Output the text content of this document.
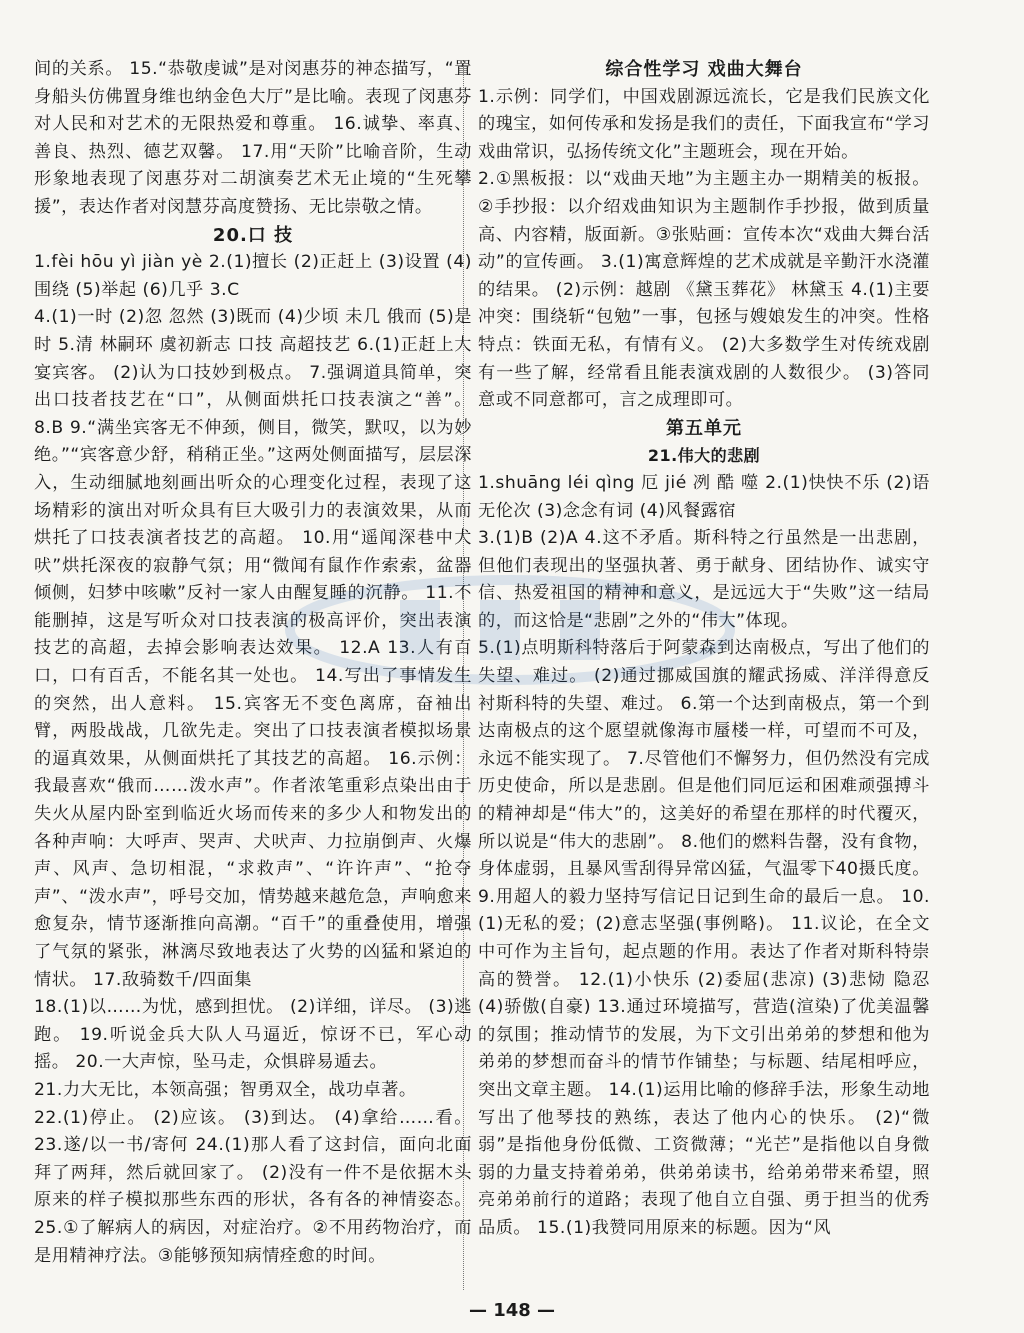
间的关系。 15.“恭敬虔诚”是对闵惠芬的神态描写，“置身船头仿佛置身维也纳金色大厅”是比喻。表现了闵惠芬对人民和对艺术的无限热爱和尊重。 16.诚挚、率真、善良、热烈、德艺双馨。 17.用“天阶”比喻音阶，生动形象地表现了闵惠芬对二胡演奏艺术无止境的“生死攀援”，表达作者对闵慧芬高度赞扬、无比崇敬之情。

20.口 技

1.fèi hōu yì jiàn yè 2.(1)擅长 (2)正赶上 (3)设置 (4)围绕 (5)举起 (6)几乎 3.C

4.(1)一时 (2)忽 忽然 (3)既而 (4)少顷 未几 俄而 (5)是时 5.清 林嗣环 虞初新志 口技 高超技艺 6.(1)正赶上大宴宾客。 (2)认为口技妙到极点。 7.强调道具简单，突出口技者技艺在“口”，从侧面烘托口技表演之“善”。 8.B 9.“满坐宾客无不伸颈，侧目，微笑，默叹，以为妙绝。”“宾客意少舒，稍稍正坐。”这两处侧面描写，层层深入，生动细腻地刻画出听众的心理变化过程，表现了这场精彩的演出对听众具有巨大吸引力的表演效果，从而烘托了口技表演者技艺的高超。 10.用“遥闻深巷中犬吠”烘托深夜的寂静气氛；用“微闻有鼠作作索索，盆器倾侧，妇梦中咳嗽”反衬一家人由醒复睡的沉静。 11.不能删掉，这是写听众对口技表演的极高评价，突出表演技艺的高超，去掉会影响表达效果。 12.A 13.人有百口，口有百舌，不能名其一处也。 14.写出了事情发生的突然，出人意料。 15.宾客无不变色离席，奋袖出臂，两股战战，几欲先走。突出了口技表演者模拟场景的逼真效果，从侧面烘托了其技艺的高超。 16.示例：我最喜欢“俄而……泼水声”。作者浓笔重彩点染出由于失火从屋内卧室到临近火场而传来的多少人和物发出的各种声响：大呼声、哭声、犬吠声、力拉崩倒声、火爆声、风声、急切相混，“求救声”、“许许声”、“抢夺声”、“泼水声”，呼号交加，情势越来越危急，声响愈来愈复杂，情节逐渐推向高潮。“百千”的重叠使用，增强了气氛的紧张，淋漓尽致地表达了火势的凶猛和紧迫的情状。 17.敌骑数千/四面集

18.(1)以……为忧，感到担忧。 (2)详细，详尽。 (3)逃跑。 19.听说金兵大队人马逼近，惊讶不已，军心动摇。 20.一大声惊，坠马走，众惧辟易遁去。

21.力大无比，本领高强；智勇双全，战功卓著。

22.(1)停止。 (2)应该。 (3)到达。 (4)拿给……看。 23.遂/以一书/寄何 24.(1)那人看了这封信，面向北面拜了两拜，然后就回家了。 (2)没有一件不是依据木头原来的样子模拟那些东西的形状，各有各的神情姿态。 25.①了解病人的病因，对症治疗。②不用药物治疗，而是用精神疗法。③能够预知病情痊愈的时间。

综合性学习 戏曲大舞台

1.示例：同学们，中国戏剧源远流长，它是我们民族文化的瑰宝，如何传承和发扬是我们的责任，下面我宣布“学习戏曲常识，弘扬传统文化”主题班会，现在开始。

2.①黑板报：以“戏曲天地”为主题主办一期精美的板报。②手抄报：以介绍戏曲知识为主题制作手抄报，做到质量高、内容精，版面新。③张贴画：宣传本次“戏曲大舞台活动”的宣传画。 3.(1)寓意辉煌的艺术成就是辛勤汗水浇灌的结果。 (2)示例：越剧 《黛玉葬花》 林黛玉 4.(1)主要冲突：围绕斩“包勉”一事，包拯与嫂娘发生的冲突。性格特点：铁面无私，有情有义。 (2)大多数学生对传统戏剧有一些了解，经常看且能表演戏剧的人数很少。 (3)答同意或不同意都可，言之成理即可。

第五单元

21.伟大的悲剧

1.shuāng léi qìng 厄 jié 冽 酷 噬 2.(1)快快不乐 (2)语无伦次 (3)念念有词 (4)风餐露宿

3.(1)B (2)A 4.这不矛盾。斯科特之行虽然是一出悲剧，但他们表现出的坚强执著、勇于献身、团结协作、诚实守信、热爱祖国的精神和意义，是远远大于“失败”这一结局的，而这恰是“悲剧”之外的“伟大”体现。

5.(1)点明斯科特落后于阿蒙森到达南极点，写出了他们的失望、难过。 (2)通过挪威国旗的耀武扬威、洋洋得意反衬斯科特的失望、难过。 6.第一个达到南极点，第一个到达南极点的这个愿望就像海市蜃楼一样，可望而不可及，永远不能实现了。 7.尽管他们不懈努力，但仍然没有完成历史使命，所以是悲剧。但是他们同厄运和困难顽强搏斗的精神却是“伟大”的，这美好的希望在那样的时代覆灭，所以说是“伟大的悲剧”。 8.他们的燃料告罄，没有食物，身体虚弱，且暴风雪刮得异常凶猛，气温零下40摄氏度。 9.用超人的毅力坚持写信记日记到生命的最后一息。 10.(1)无私的爱；(2)意志坚强(事例略)。 11.议论，在全文中可作为主旨句，起点题的作用。表达了作者对斯科特崇高的赞誉。 12.(1)小快乐 (2)委屈(悲凉) (3)悲恸 隐忍 (4)骄傲(自豪) 13.通过环境描写，营造(渲染)了优美温馨的氛围；推动情节的发展，为下文引出弟弟的梦想和他为弟弟的梦想而奋斗的情节作铺垫；与标题、结尾相呼应，突出文章主题。 14.(1)运用比喻的修辞手法，形象生动地写出了他琴技的熟练，表达了他内心的快乐。 (2)“微弱”是指他身份低微、工资微薄；“光芒”是指他以自身微弱的力量支持着弟弟，供弟弟读书，给弟弟带来希望，照亮弟弟前行的道路；表现了他自立自强、勇于担当的优秀品质。 15.(1)我赞同用原来的标题。因为“风

— 148 —
